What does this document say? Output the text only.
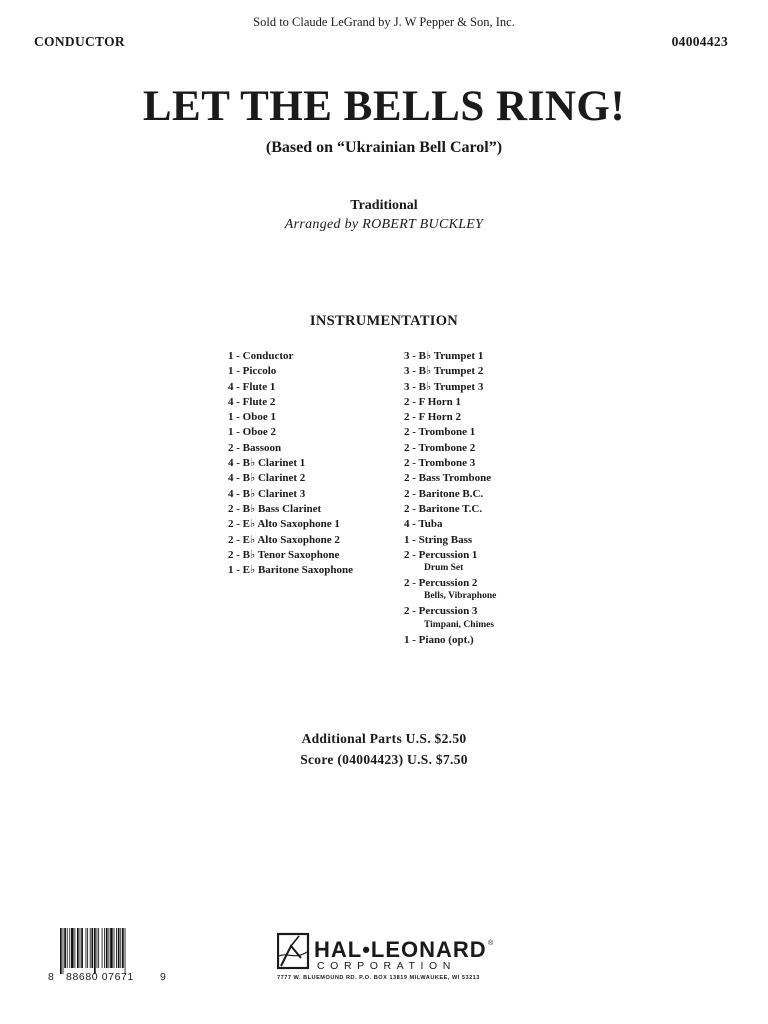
Sold to Claude LeGrand by J. W Pepper & Son, Inc.
CONDUCTOR	04004423
LET THE BELLS RING!
(Based on “Ukrainian Bell Carol”)
Traditional
Arranged by ROBERT BUCKLEY
INSTRUMENTATION
1 - Conductor
1 - Piccolo
4 - Flute 1
4 - Flute 2
1 - Oboe 1
1 - Oboe 2
2 - Bassoon
4 - B♭ Clarinet 1
4 - B♭ Clarinet 2
4 - B♭ Clarinet 3
2 - B♭ Bass Clarinet
2 - E♭ Alto Saxophone 1
2 - E♭ Alto Saxophone 2
2 - B♭ Tenor Saxophone
1 - E♭ Baritone Saxophone
3 - B♭ Trumpet 1
3 - B♭ Trumpet 2
3 - B♭ Trumpet 3
2 - F Horn 1
2 - F Horn 2
2 - Trombone 1
2 - Trombone 2
2 - Trombone 3
2 - Bass Trombone
2 - Baritone B.C.
2 - Baritone T.C.
4 - Tuba
1 - String Bass
2 - Percussion 1
Drum Set
2 - Percussion 2
Bells, Vibraphone
2 - Percussion 3
Timpani, Chimes
1 - Piano (opt.)
Additional Parts U.S. $2.50
Score (04004423) U.S. $7.50
8 88680 07671 9
HAL•LEONARD ®
CORPORATION
7777 W. BLUEMOUND RD. P.O. BOX 13819 MILWAUKEE, WI 53213
